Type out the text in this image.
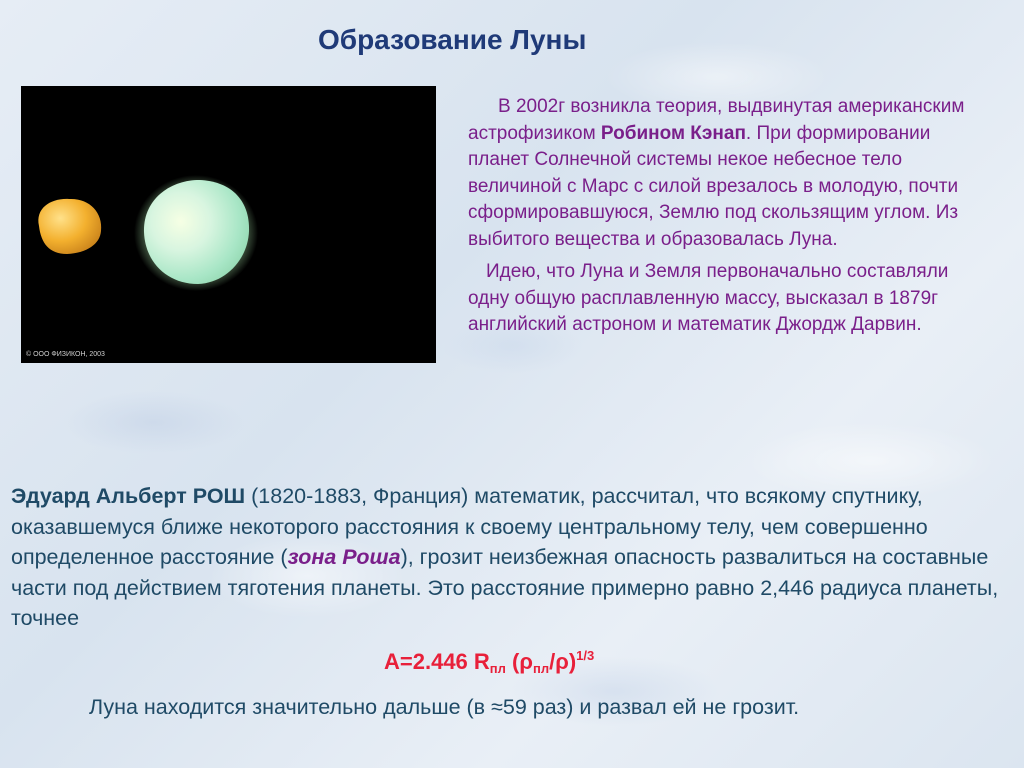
Образование Луны
© ООО ФИЗИКОН, 2003

В 2002г возникла теория, выдвинутая американским астрофизиком Робином Кэнап. При формировании планет Солнечной системы некое небесное тело величиной с Марс с силой врезалось в молодую, почти сформировавшуюся, Землю под скользящим углом. Из выбитого вещества и образовалась Луна.

Идею, что Луна и Земля первоначально составляли одну общую расплавленную массу, высказал в 1879г английский астроном и математик Джордж Дарвин.

Эдуард Альберт РОШ (1820-1883, Франция) математик, рассчитал, что всякому спутнику, оказавшемуся ближе некоторого расстояния к своему центральному телу, чем совершенно определенное расстояние (зона Роша), грозит неизбежная опасность развалиться на составные части под действием тяготения планеты. Это расстояние примерно равно 2,446 радиуса планеты, точнее

A=2.446 $R_{пл}$ $(\rho_{пл}/\rho)^{1/3}$

Луна находится значительно дальше (в ≈59 раз) и развал ей не грозит.
